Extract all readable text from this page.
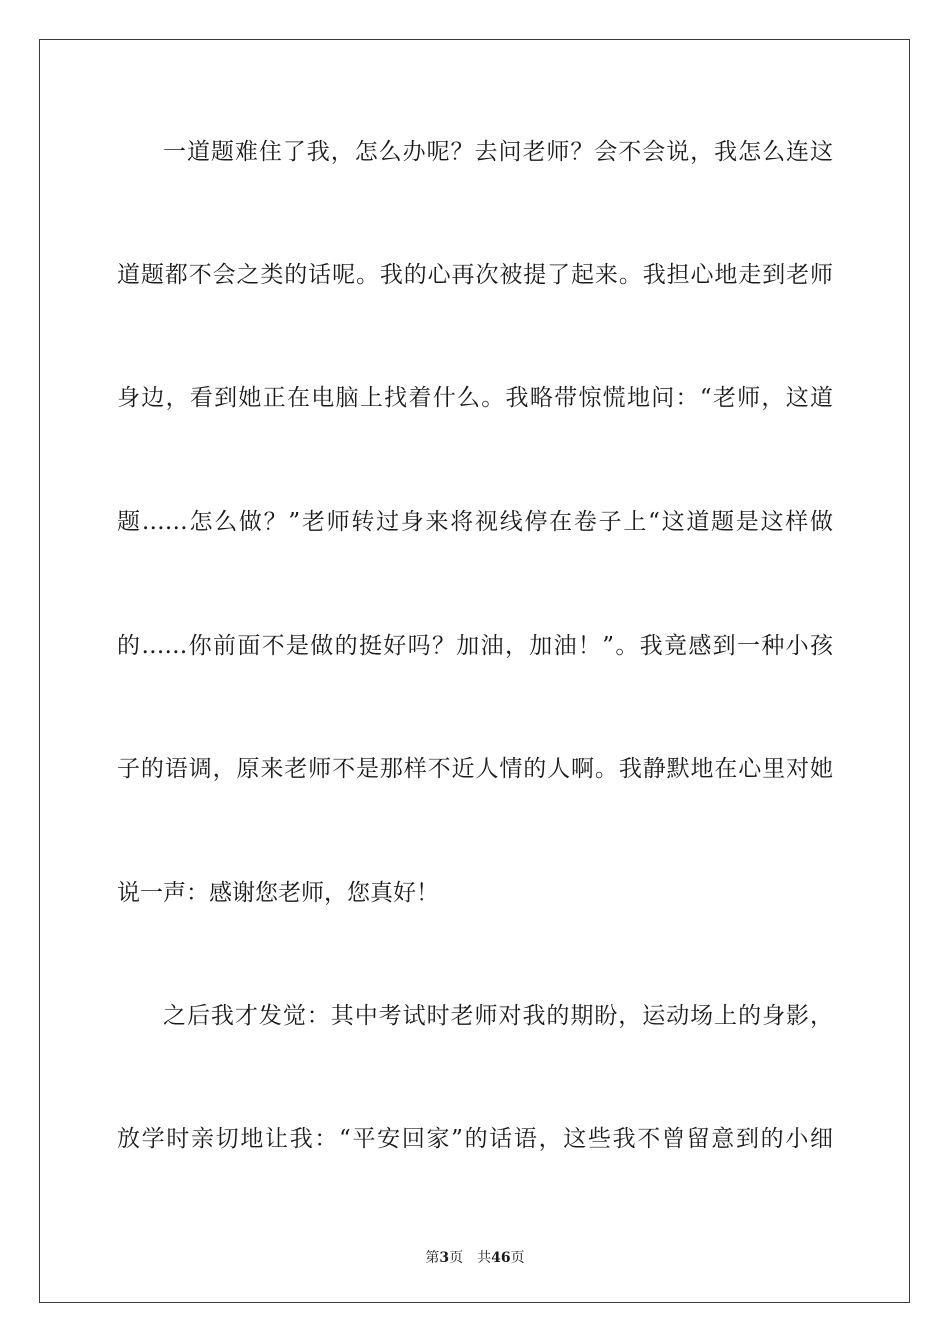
一道题难住了我，怎么办呢？去问老师？会不会说，我怎么连这
道题都不会之类的话呢。我的心再次被提了起来。我担心地走到老师
身边，看到她正在电脑上找着什么。我略带惊慌地问：“老师，这道
题……怎么做？”老师转过身来将视线停在卷子上“这道题是这样做
的……你前面不是做的挺好吗？加油，加油！”。我竟感到一种小孩
子的语调，原来老师不是那样不近人情的人啊。我静默地在心里对她
说一声：感谢您老师，您真好！
之后我才发觉：其中考试时老师对我的期盼，运动场上的身影，
放学时亲切地让我：“平安回家”的话语，这些我不曾留意到的小细
第3页 共46页
